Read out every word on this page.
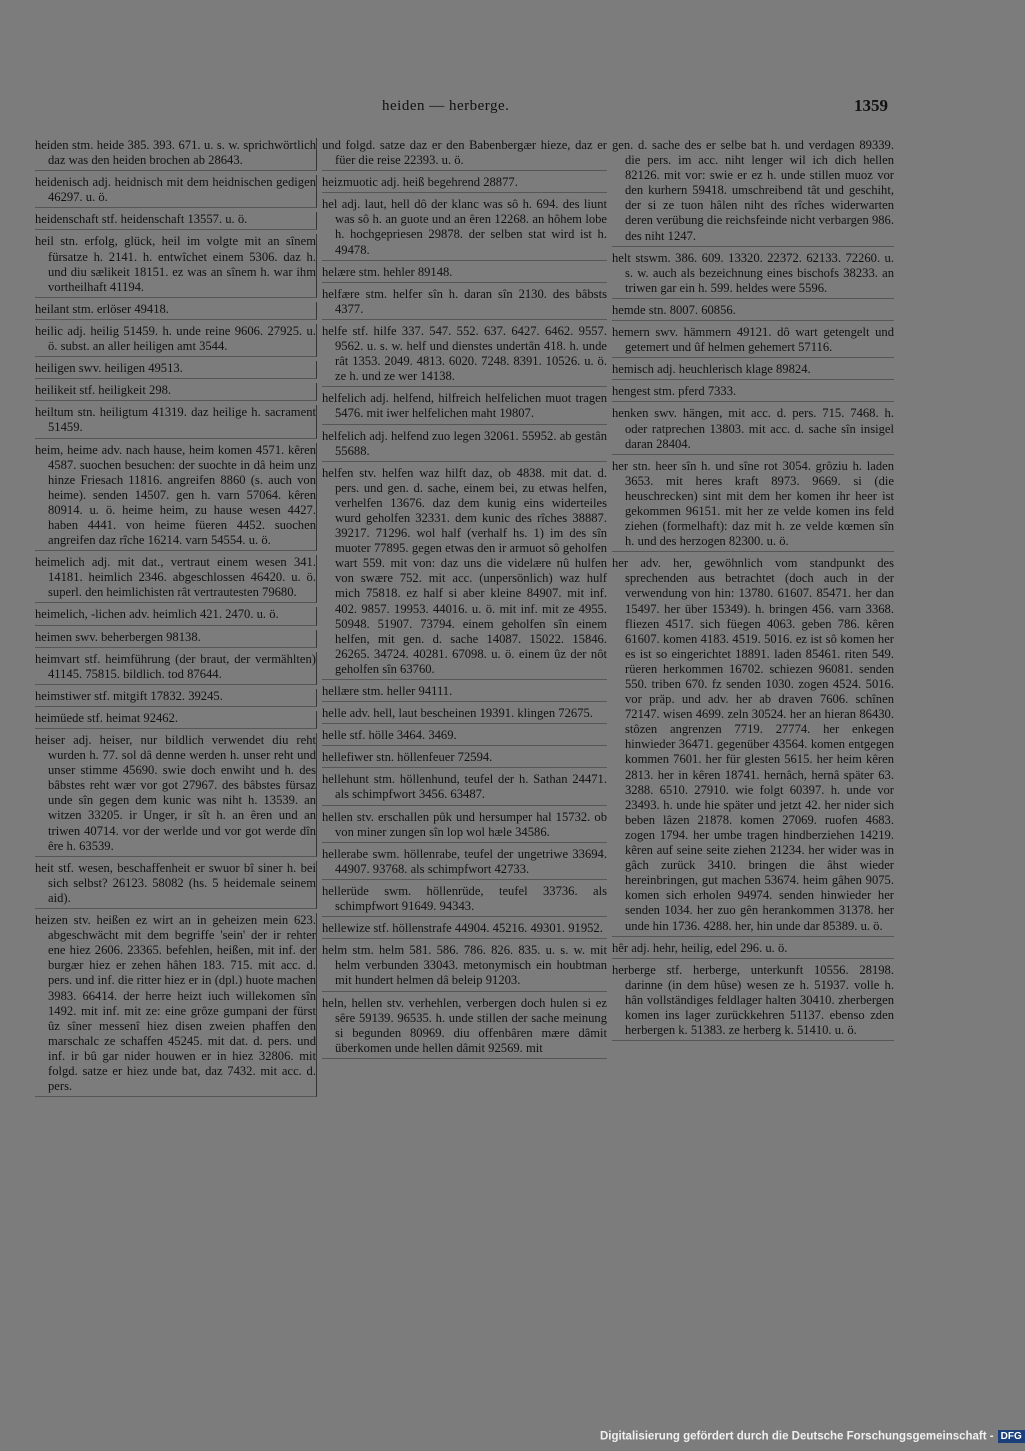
heiden — herberge.	1359
heiden stm. heide 385. 393. 671. u. s. w. sprichwörtlich daz was den heiden brochen ab 28643.
heidenisch adj. heidnisch mit dem heidnischen gedigen 46297. u. ö.
heidenschaft stf. heidenschaft 13557. u. ö.
heil stn. erfolg, glück, heil im volgte mit an sînem fürsatze h. 2141. h. entwîchet einem 5306. daz h. und diu sælikeit 18151. ez was an sînem h. war ihm vortheilhaft 41194.
heilant stm. erlöser 49418.
heilic adj. heilig 51459. h. unde reine 9606. 27925. u. ö. subst. an aller heiligen amt 3544.
heiligen swv. heiligen 49513.
heilikeit stf. heiligkeit 298.
heiltum stn. heiligtum 41319. daz heilige h. sacrament 51459.
heim, heime adv. nach hause, heim komen 4571. kêren 4587. suochen besuchen: der suochte in dâ heim unz hinze Friesach 11816. angreifen 8860 (s. auch von heime). senden 14507. gen h. varn 57064. kêren 80914. u. ö. heime heim, zu hause wesen 4427. haben 4441. von heime füeren 4452. suochen angreifen daz rîche 16214. varn 54554. u. ö.
heimelich adj. mit dat., vertraut einem wesen 341. 14181. heimlich 2346. abgeschlossen 46420. u. ö. superl. den heimlichisten rât vertrautesten 79680.
heimelich, -lichen adv. heimlich 421. 2470. u. ö.
heimen swv. beherbergen 98138.
heimvart stf. heimführung (der braut, der vermählten) 41145. 75815. bildlich. tod 87644.
heimstiwer stf. mitgift 17832. 39245.
heimüede stf. heimat 92462.
heiser adj. heiser, nur bildlich verwendet diu reht wurden h. 77. sol dâ denne werden h. unser reht und unser stimme 45690. swie doch enwiht und h. des bâbstes reht wær vor got 27967. des bâbstes fürsaz unde sîn gegen dem kunic was niht h. 13539. an witzen 33205. ir Unger, ir sît h. an êren und an triwen 40714. vor der werlde und vor got werde dîn êre h. 63539.
heit stf. wesen, beschaffenheit er swuor bî siner h. bei sich selbst? 26123. 58082 (hs. 5 heidemale seinem aid).
heizen stv. heißen ez wirt an in geheizen mein 623. abgeschwächt mit dem begriffe 'sein' der ir rehter ene hiez 2606. 23365. befehlen, heißen, mit inf. der burgær hiez er zehen hâhen 183. 715. mit acc. d. pers. und inf. die ritter hiez er in (dpl.) huote machen 3983. 66414. der herre heizt iuch willekomen sîn 1492. mit inf. mit ze: eine grôze gumpani der fürst ûz sîner messenî hiez disen zweien phaffen den marschalc ze schaffen 45245. mit dat. d. pers. und inf. ir bû gar nider houwen er in hiez 32806. mit folgd. satze er hiez unde bat, daz 7432. mit acc. d. pers.
und folgd. satze daz er den Babenbergær hieze, daz er füer die reise 22393. u. ö.
heizmuotic adj. heiß begehrend 28877.
hel adj. laut, hell dô der klanc was sô h. 694. des liunt was sô h. an guote und an êren 12268. an hôhem lobe h. hochgepriesen 29878. der selben stat wird ist h. 49478.
helære stm. hehler 89148.
helfære stm. helfer sîn h. daran sîn 2130. des bâbsts 4377.
helfe stf. hilfe 337. 547. 552. 637. 6427. 6462. 9557. 9562. u. s. w. helf und dienstes undertân 418. h. unde rât 1353. 2049. 4813. 6020. 7248. 8391. 10526. u. ö. ze h. und ze wer 14138.
helfelich adj. helfend, hilfreich helfelichen muot tragen 5476. mit iwer helfelichen maht 19807.
helfelich adj. helfend zuo legen 32061. 55952. ab gestân 55688.
helfen stv. helfen waz hilft daz, ob 4838. mit dat. d. pers. und gen. d. sache, einem bei, zu etwas helfen, verhelfen 13676. daz dem kunig eins widerteiles wurd geholfen 32331. dem kunic des rîches 38887. 39217. 71296. wol half (verhalf hs. 1) im des sîn muoter 77895. gegen etwas den ir armuot sô geholfen wart 559. mit von: daz uns die videlære nû hulfen von swære 752. mit acc. (unpersönlich) waz hulf mich 75818. ez half si aber kleine 84907. mit inf. 402. 9857. 19953. 44016. u. ö. mit inf. mit ze 4955. 50948. 51907. 73794. einem geholfen sîn einem helfen, mit gen. d. sache 14087. 15022. 15846. 26265. 34724. 40281. 67098. u. ö. einem ûz der nôt geholfen sîn 63760.
hellære stm. heller 94111.
helle adv. hell, laut bescheinen 19391. klingen 72675.
helle stf. hölle 3464. 3469.
hellefiwer stn. höllenfeuer 72594.
hellehunt stm. höllenhund, teufel der h. Sathan 24471. als schimpfwort 3456. 63487.
hellen stv. erschallen pûk und hersumper hal 15732. ob von miner zungen sîn lop wol hæle 34586.
hellerabe swm. höllenrabe, teufel der ungetriwe 33694. 44907. 93768. als schimpfwort 42733.
hellerüde swm. höllenrüde, teufel 33736. als schimpfwort 91649. 94343.
hellewize stf. höllenstrafe 44904. 45216. 49301. 91952.
helm stm. helm 581. 586. 786. 826. 835. u. s. w. mit helm verbunden 33043. metonymisch ein houbtman mit hundert helmen dâ beleip 91203.
heln, hellen stv. verhehlen, verbergen doch hulen si ez sêre 59139. 96535. h. unde stillen der sache meinung si begunden 80969. diu offenbâren mære dâmit überkomen unde hellen dâmit 92569. mit
gen. d. sache des er selbe bat h. und verdagen 89339. die pers. im acc. niht lenger wil ich dich hellen 82126. mit vor: swie er ez h. unde stillen muoz vor den kurhern 59418. umschreibend tât und geschiht, der si ze tuon hâlen niht des rîches widerwarten deren verübung die reichsfeinde nicht verbargen 986. des niht 1247.
helt stswm. 386. 609. 13320. 22372. 62133. 72260. u. s. w. auch als bezeichnung eines bischofs 38233. an triwen gar ein h. 599. heldes were 5596.
hemde stn. 8007. 60856.
hemern swv. hämmern 49121. dô wart getengelt und getemert und ûf helmen gehemert 57116.
hemisch adj. heuchlerisch klage 89824.
hengest stm. pferd 7333.
henken swv. hängen, mit acc. d. pers. 715. 7468. h. oder ratprechen 13803. mit acc. d. sache sîn insigel daran 28404.
her stn. heer sîn h. und sîne rot 3054. grôziu h. laden 3653. mit heres kraft 8973. 9669. si (die heuschrecken) sint mit dem her komen ihr heer ist gekommen 96151. mit her ze velde komen ins feld ziehen (formelhaft): daz mit h. ze velde kœmen sîn h. und des herzogen 82300. u. ö.
her adv. her, gewöhnlich vom standpunkt des sprechenden aus betrachtet (doch auch in der verwendung von hin: 13780. 61607. 85471. her dan 15497. her über 15349). h. bringen 456. varn 3368. fliezen 4517. sich füegen 4063. geben 786. kêren 61607. komen 4183. 4519. 5016. ez ist sô komen her es ist so eingerichtet 18891. laden 85461. riten 549. rüeren herkommen 16702. schiezen 96081. senden 550. triben 670. fz senden 1030. zogen 4524. 5016. vor präp. und adv. her ab draven 7606. schînen 72147. wisen 4699. zeln 30524. her an hieran 86430. stôzen angrenzen 7719. 27774. her enkegen hinwieder 36471. gegenüber 43564. komen entgegen kommen 7601. her für glesten 5615. her heim kêren 2813. her in kêren 18741. hernâch, hernâ später 63. 3288. 6510. 27910. wie folgt 60397. h. unde vor 23493. h. unde hie später und jetzt 42. her nider sich beben lâzen 21878. komen 27069. ruofen 4683. zogen 1794. her umbe tragen hindberziehen 14219. kêren auf seine seite ziehen 21234. her wider was in gâch zurück 3410. bringen die âhst wieder hereinbringen, gut machen 53674. heim gâhen 9075. komen sich erholen 94974. senden hinwieder her senden 1034. her zuo gên herankommen 31378. her unde hin 1736. 4288. her, hin unde dar 85389. u. ö.
hêr adj. hehr, heilig, edel 296. u. ö.
herberge stf. herberge, unterkunft 10556. 28198. darinne (in dem hûse) wesen ze h. 51937. volle h. hân vollständiges feldlager halten 30410. zherbergen komen ins lager zurückkehren 51137. ebenso zden herbergen k. 51383. ze herberg k. 51410. u. ö.
Digitalisierung gefördert durch die Deutsche Forschungsgemeinschaft - DFG
